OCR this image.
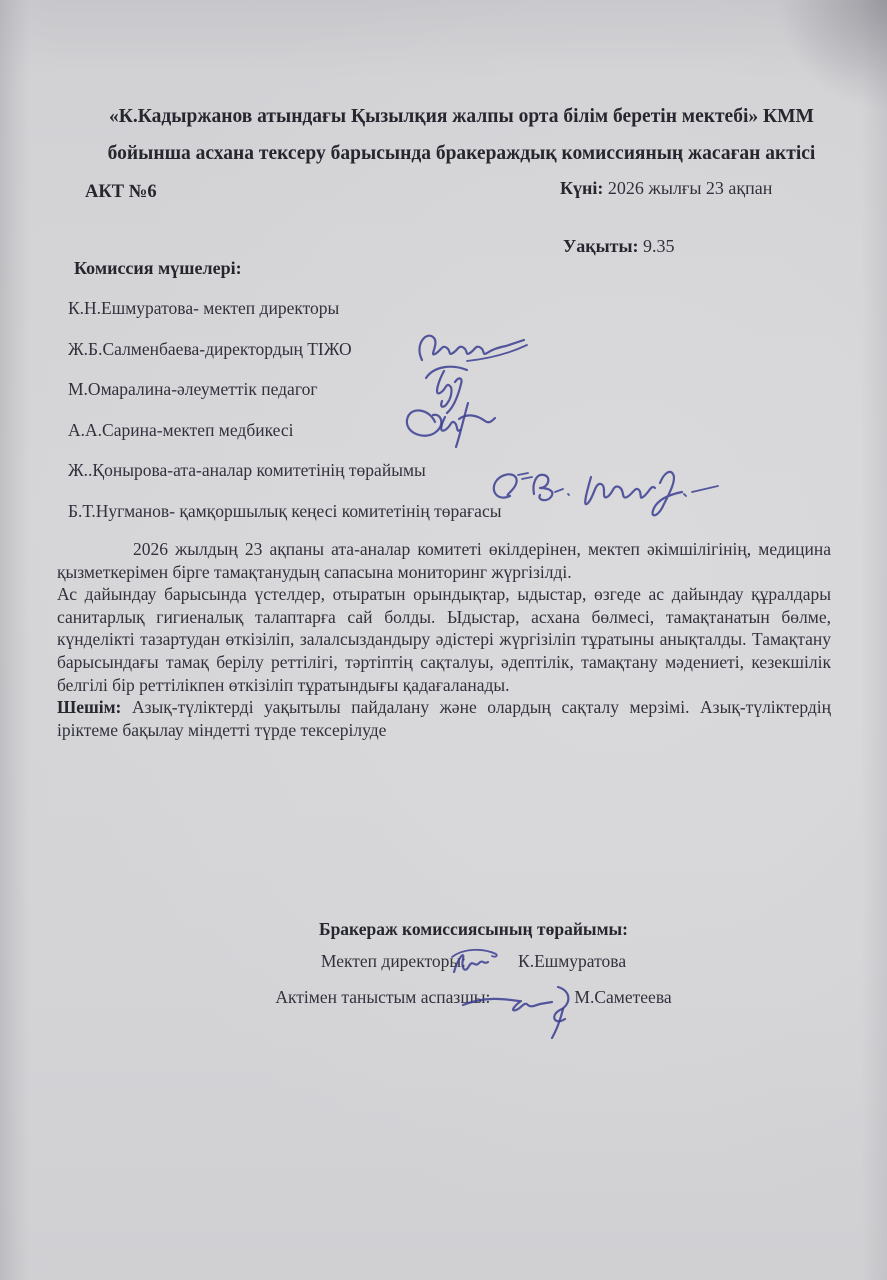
«К.Кадыржанов атындағы Қызылқия жалпы орта білім беретін мектебі» КММ
бойынша асхана тексеру барысында бракераждық комиссияның жасаған актісі
АКТ №6	Күні: 2026 жылғы 23 ақпан
Уақыты: 9.35
Комиссия мүшелері:
К.Н.Ешмуратова- мектеп директоры
Ж.Б.Салменбаева-директордың ТІЖО
М.Омаралина-әлеуметтік педагог
А.А.Сарина-мектеп медбикесі
Ж..Қонырова-ата-аналар комитетінің төрайымы
Б.Т.Нугманов- қамқоршылық кеңесі комитетінің төрағасы

2026 жылдың 23 ақпаны ата-аналар комитеті өкілдерінен, мектеп әкімшілігінің, медицина қызметкерімен бірге тамақтанудың сапасына мониторинг жүргізілді.

Ас дайындау барысында үстелдер, отыратын орындықтар, ыдыстар, өзгеде ас дайындау құралдары санитарлық гигиеналық талаптарға сай болды. Ыдыстар, асхана бөлмесі, тамақтанатын бөлме, күнделікті тазартудан өткізіліп, залалсыздандыру әдістері жүргізіліп тұратыны анықталды. Тамақтану барысындағы тамақ берілу реттілігі, тәртіптің сақталуы, әдептілік, тамақтану мәдениеті, кезекшілік белгілі бір реттілікпен өткізіліп тұратындығы қадағаланады.

Шешім: Азық-түліктерді уақытылы пайдалану және олардың сақталу мерзімі. Азық-түліктердің іріктеме бақылау міндетті түрде тексерілуде

Бракераж комиссиясының төрайымы:
Мектеп директоры:	К.Ешмуратова
Актімен таныстым аспазшы:	М.Саметеева
